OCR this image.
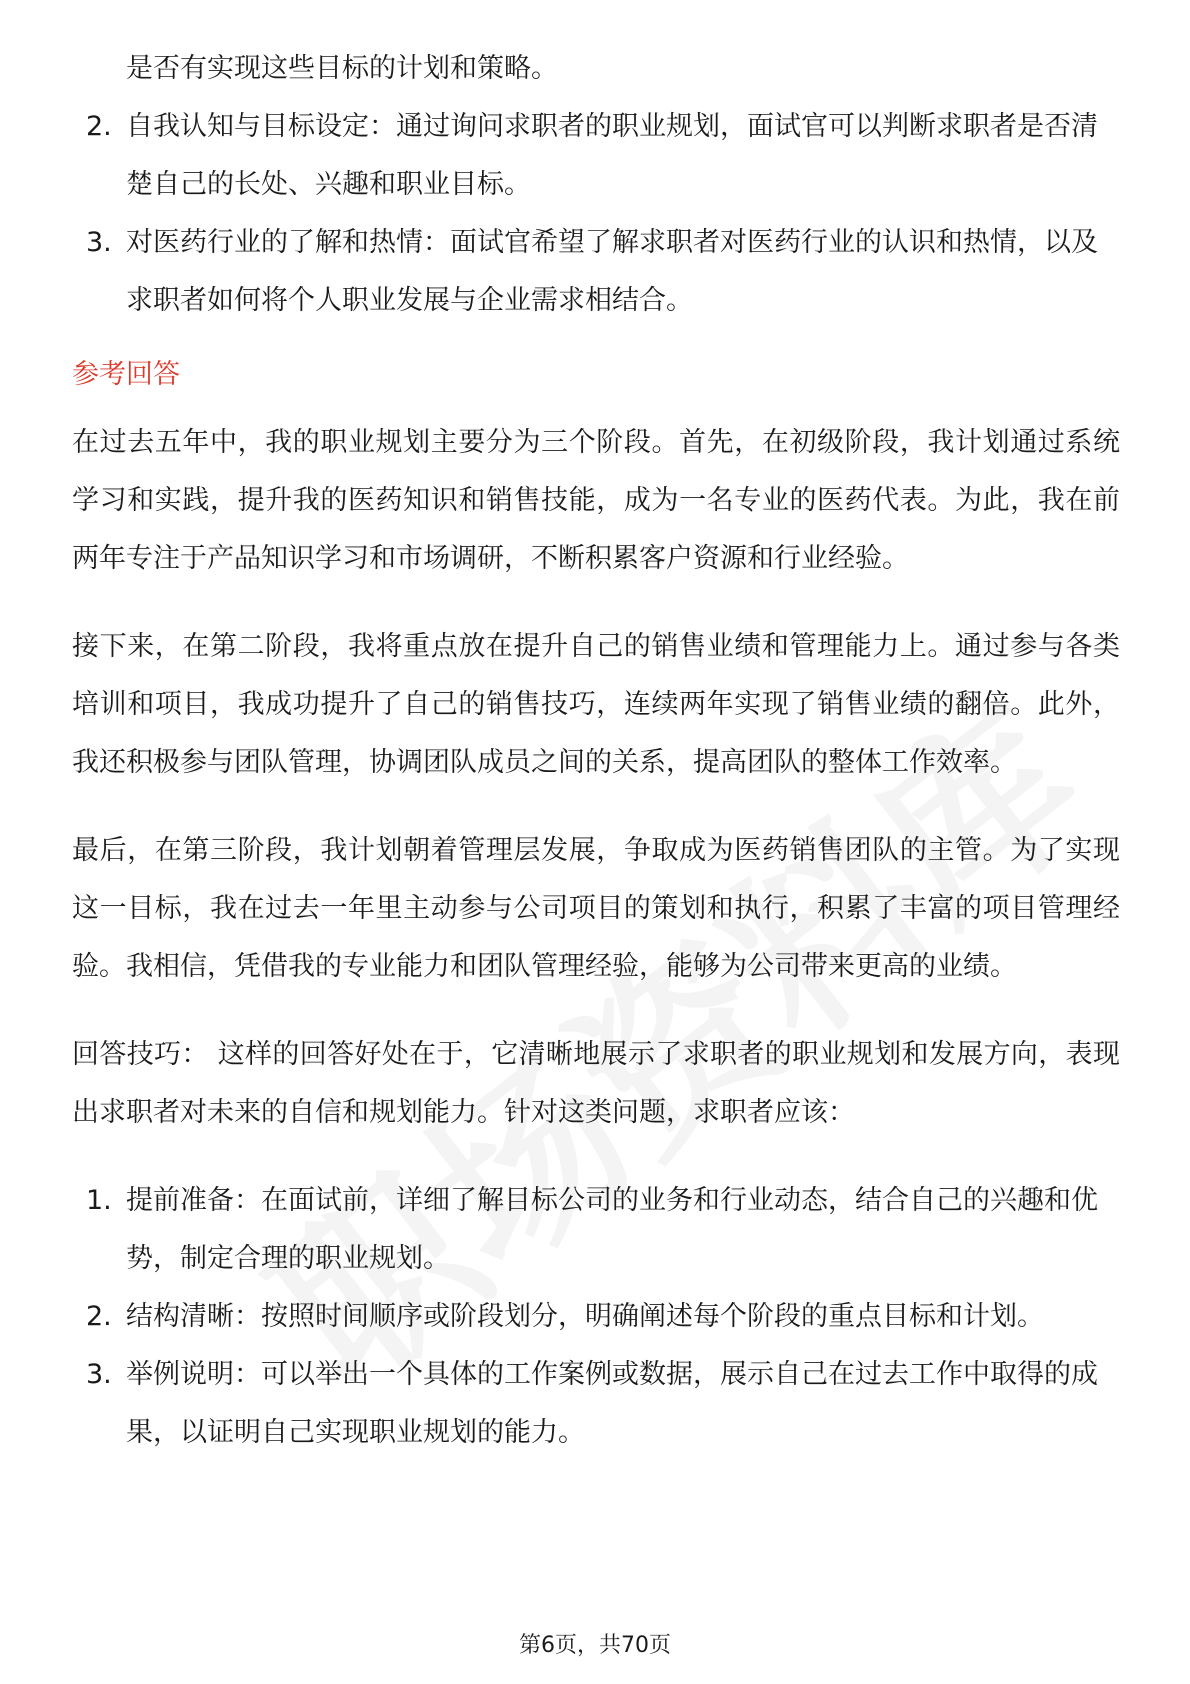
是否有实现这些目标的计划和策略。
2. 自我认知与目标设定：通过询问求职者的职业规划，面试官可以判断求职者是否清楚自己的长处、兴趣和职业目标。
3. 对医药行业的了解和热情：面试官希望了解求职者对医药行业的认识和热情，以及求职者如何将个人职业发展与企业需求相结合。
参考回答

在过去五年中，我的职业规划主要分为三个阶段。首先，在初级阶段，我计划通过系统学习和实践，提升我的医药知识和销售技能，成为一名专业的医药代表。为此，我在前两年专注于产品知识学习和市场调研，不断积累客户资源和行业经验。

接下来，在第二阶段，我将重点放在提升自己的销售业绩和管理能力上。通过参与各类培训和项目，我成功提升了自己的销售技巧，连续两年实现了销售业绩的翻倍。此外，我还积极参与团队管理，协调团队成员之间的关系，提高团队的整体工作效率。

最后，在第三阶段，我计划朝着管理层发展，争取成为医药销售团队的主管。为了实现这一目标，我在过去一年里主动参与公司项目的策划和执行，积累了丰富的项目管理经验。我相信，凭借我的专业能力和团队管理经验，能够为公司带来更高的业绩。

回答技巧： 这样的回答好处在于，它清晰地展示了求职者的职业规划和发展方向，表现出求职者对未来的自信和规划能力。针对这类问题，求职者应该：

1. 提前准备：在面试前，详细了解目标公司的业务和行业动态，结合自己的兴趣和优势，制定合理的职业规划。
2. 结构清晰：按照时间顺序或阶段划分，明确阐述每个阶段的重点目标和计划。
3. 举例说明：可以举出一个具体的工作案例或数据，展示自己在过去工作中取得的成果，以证明自己实现职业规划的能力。
第6页，共70页
